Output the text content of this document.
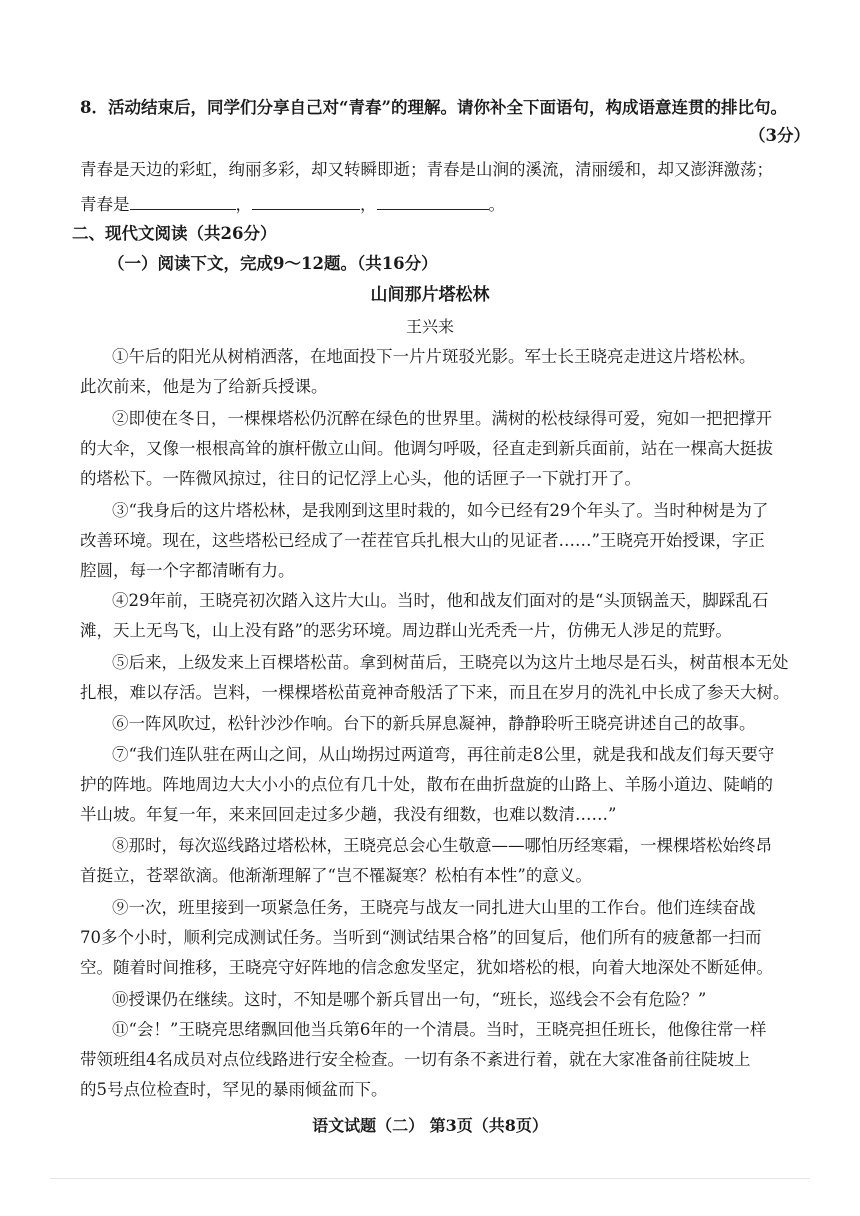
8．活动结束后，同学们分享自己对“青春”的理解。请你补全下面语句，构成语意连贯的排比句。
（3分）
青春是天边的彩虹，绚丽多彩，却又转瞬即逝；青春是山涧的溪流，清丽缓和，却又澎湃激荡；
青春是	，	，	。
二、现代文阅读（共26分）
（一）阅读下文，完成9～12题。（共16分）
山间那片塔松林
王兴来
①午后的阳光从树梢洒落，在地面投下一片片斑驳光影。军士长王晓亮走进这片塔松林。
此次前来，他是为了给新兵授课。
②即使在冬日，一棵棵塔松仍沉醉在绿色的世界里。满树的松枝绿得可爱，宛如一把把撑开
的大伞，又像一根根高耸的旗杆傲立山间。他调匀呼吸，径直走到新兵面前，站在一棵高大挺拔
的塔松下。一阵微风掠过，往日的记忆浮上心头，他的话匣子一下就打开了。
③“我身后的这片塔松林，是我刚到这里时栽的，如今已经有29个年头了。当时种树是为了
改善环境。现在，这些塔松已经成了一茬茬官兵扎根大山的见证者……”王晓亮开始授课，字正
腔圆，每一个字都清晰有力。
④29年前，王晓亮初次踏入这片大山。当时，他和战友们面对的是“头顶锅盖天，脚踩乱石
滩，天上无鸟飞，山上没有路”的恶劣环境。周边群山光秃秃一片，仿佛无人涉足的荒野。
⑤后来，上级发来上百棵塔松苗。拿到树苗后，王晓亮以为这片土地尽是石头，树苗根本无处
扎根，难以存活。岂料，一棵棵塔松苗竟神奇般活了下来，而且在岁月的洗礼中长成了参天大树。
⑥一阵风吹过，松针沙沙作响。台下的新兵屏息凝神，静静聆听王晓亮讲述自己的故事。
⑦“我们连队驻在两山之间，从山坳拐过两道弯，再往前走8公里，就是我和战友们每天要守
护的阵地。阵地周边大大小小的点位有几十处，散布在曲折盘旋的山路上、羊肠小道边、陡峭的
半山坡。年复一年，来来回回走过多少趟，我没有细数，也难以数清……”
⑧那时，每次巡线路过塔松林，王晓亮总会心生敬意——哪怕历经寒霜，一棵棵塔松始终昂
首挺立，苍翠欲滴。他渐渐理解了“岂不罹凝寒？松柏有本性”的意义。
⑨一次，班里接到一项紧急任务，王晓亮与战友一同扎进大山里的工作台。他们连续奋战
70多个小时，顺利完成测试任务。当听到“测试结果合格”的回复后，他们所有的疲惫都一扫而
空。随着时间推移，王晓亮守好阵地的信念愈发坚定，犹如塔松的根，向着大地深处不断延伸。
⑩授课仍在继续。这时，不知是哪个新兵冒出一句，“班长，巡线会不会有危险？”
⑪“会！”王晓亮思绪飘回他当兵第6年的一个清晨。当时，王晓亮担任班长，他像往常一样
带领班组4名成员对点位线路进行安全检查。一切有条不紊进行着，就在大家准备前往陡坡上
的5号点位检查时，罕见的暴雨倾盆而下。
语文试题（二） 第3页（共8页）
